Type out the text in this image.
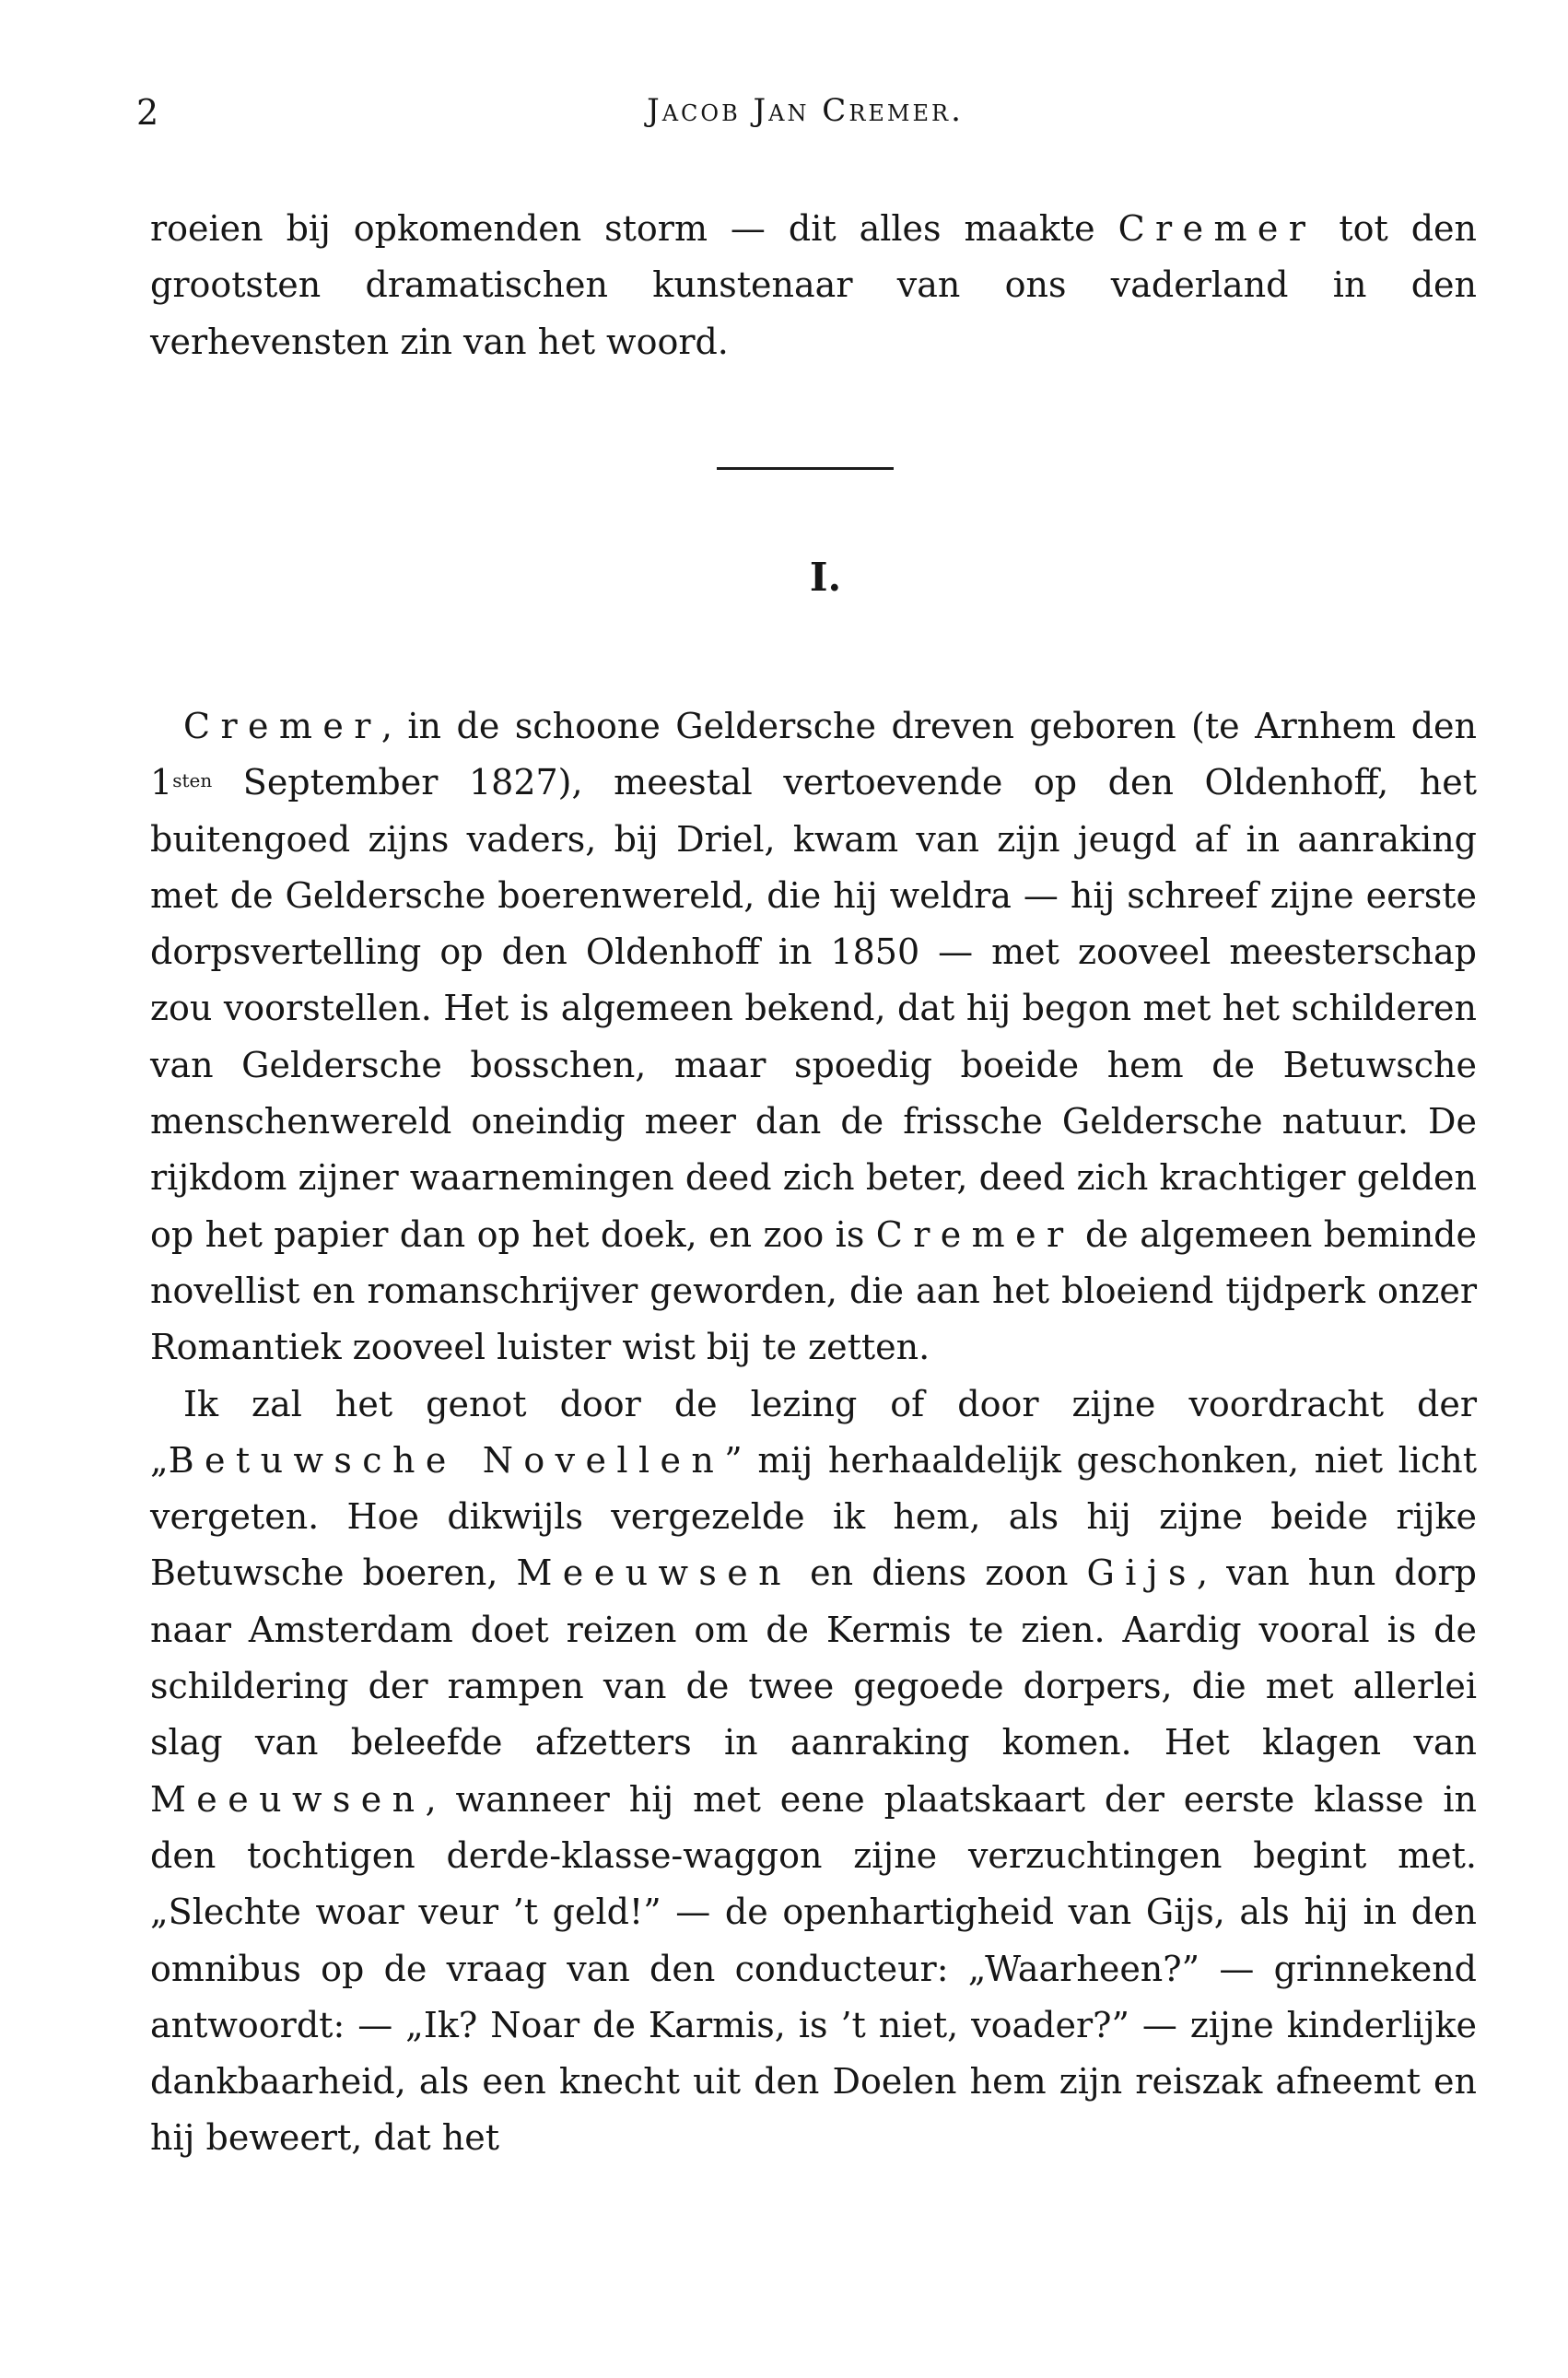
2	Jacob Jan Cremer.

roeien bij opkomenden storm — dit alles maakte Cremer tot den grootsten dramatischen kunstenaar van ons vaderland in den verhevensten zin van het woord.

I.

Cremer, in de schoone Geldersche dreven geboren (te Arnhem den $1^{sten}$ September 1827), meestal vertoevende op den Oldenhoff, het buitengoed zijns vaders, bij Driel, kwam van zijn jeugd af in aanraking met de Geldersche boerenwereld, die hij weldra — hij schreef zijne eerste dorpsvertelling op den Oldenhoff in 1850 — met zooveel meesterschap zou voorstellen. Het is algemeen bekend, dat hij begon met het schilderen van Geldersche bosschen, maar spoedig boeide hem de Betuwsche menschenwereld oneindig meer dan de frissche Geldersche natuur. De rijkdom zijner waarnemingen deed zich beter, deed zich krachtiger gelden op het papier dan op het doek, en zoo is Cremer de algemeen beminde novellist en romanschrijver geworden, die aan het bloeiend tijdperk onzer Romantiek zooveel luister wist bij te zetten.

Ik zal het genot door de lezing of door zijne voordracht der „Betuwsche Novellen” mij herhaaldelijk geschonken, niet licht vergeten. Hoe dikwijls vergezelde ik hem, als hij zijne beide rijke Betuwsche boeren, Meeuwsen en diens zoon Gijs, van hun dorp naar Amsterdam doet reizen om de Kermis te zien. Aardig vooral is de schildering der rampen van de twee gegoede dorpers, die met allerlei slag van beleefde afzetters in aanraking komen. Het klagen van Meeuwsen, wanneer hij met eene plaatskaart der eerste klasse in den tochtigen derde-klasse-waggon zijne verzuchtingen begint met. „Slechte woar veur ’t geld!” — de openhartigheid van Gijs, als hij in den omnibus op de vraag van den conducteur: „Waarheen?” — grinnekend antwoordt: — „Ik? Noar de Karmis, is ’t niet, voader?” — zijne kinderlijke dankbaarheid, als een knecht uit den Doelen hem zijn reiszak afneemt en hij beweert, dat het
